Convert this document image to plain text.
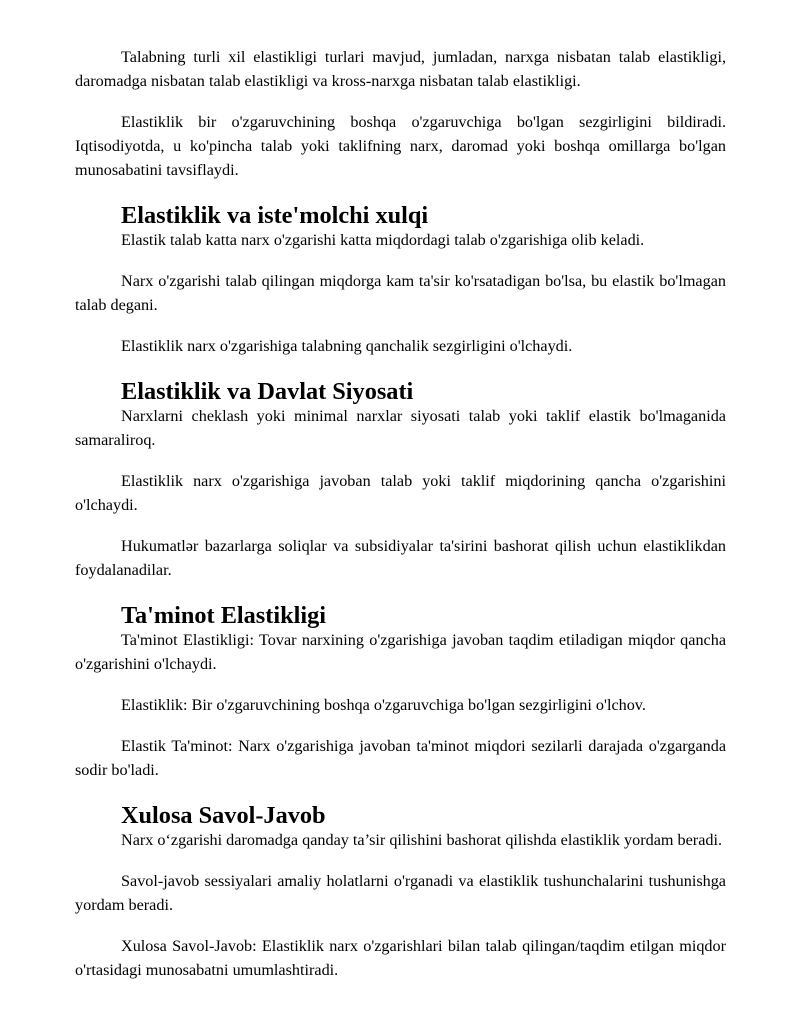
Talabning turli xil elastikligi turlari mavjud, jumladan, narxga nisbatan talab elastikligi, daromadga nisbatan talab elastikligi va kross-narxga nisbatan talab elastikligi.

Elastiklik bir o'zgaruvchining boshqa o'zgaruvchiga bo'lgan sezgirligini bildiradi. Iqtisodiyotda, u ko'pincha talab yoki taklifning narx, daromad yoki boshqa omillarga bo'lgan munosabatini tavsiflaydi.

Elastiklik va iste'molchi xulqi

Elastik talab katta narx o'zgarishi katta miqdordagi talab o'zgarishiga olib keladi.

Narx o'zgarishi talab qilingan miqdorga kam ta'sir ko'rsatadigan bo'lsa, bu elastik bo'lmagan talab degani.

Elastiklik narx o'zgarishiga talabning qanchalik sezgirligini o'lchaydi.

Elastiklik va Davlat Siyosati

Narxlarni cheklash yoki minimal narxlar siyosati talab yoki taklif elastik bo'lmaganida samaraliroq.

Elastiklik narx o'zgarishiga javoban talab yoki taklif miqdorining qancha o'zgarishini o'lchaydi.

Hukumatlər bazarlarga soliqlar va subsidiyalar ta'sirini bashorat qilish uchun elastiklikdan foydalanadilar.

Ta'minot Elastikligi

Ta'minot Elastikligi: Tovar narxining o'zgarishiga javoban taqdim etiladigan miqdor qancha o'zgarishini o'lchaydi.

Elastiklik: Bir o'zgaruvchining boshqa o'zgaruvchiga bo'lgan sezgirligini o'lchov.

Elastik Ta'minot: Narx o'zgarishiga javoban ta'minot miqdori sezilarli darajada o'zgarganda sodir bo'ladi.

Xulosa Savol-Javob

Narx o‘zgarishi daromadga qanday ta’sir qilishini bashorat qilishda elastiklik yordam beradi.

Savol-javob sessiyalari amaliy holatlarni o'rganadi va elastiklik tushunchalarini tushunishga yordam beradi.

Xulosa Savol-Javob: Elastiklik narx o'zgarishlari bilan talab qilingan/taqdim etilgan miqdor o'rtasidagi munosabatni umumlashtiradi.
